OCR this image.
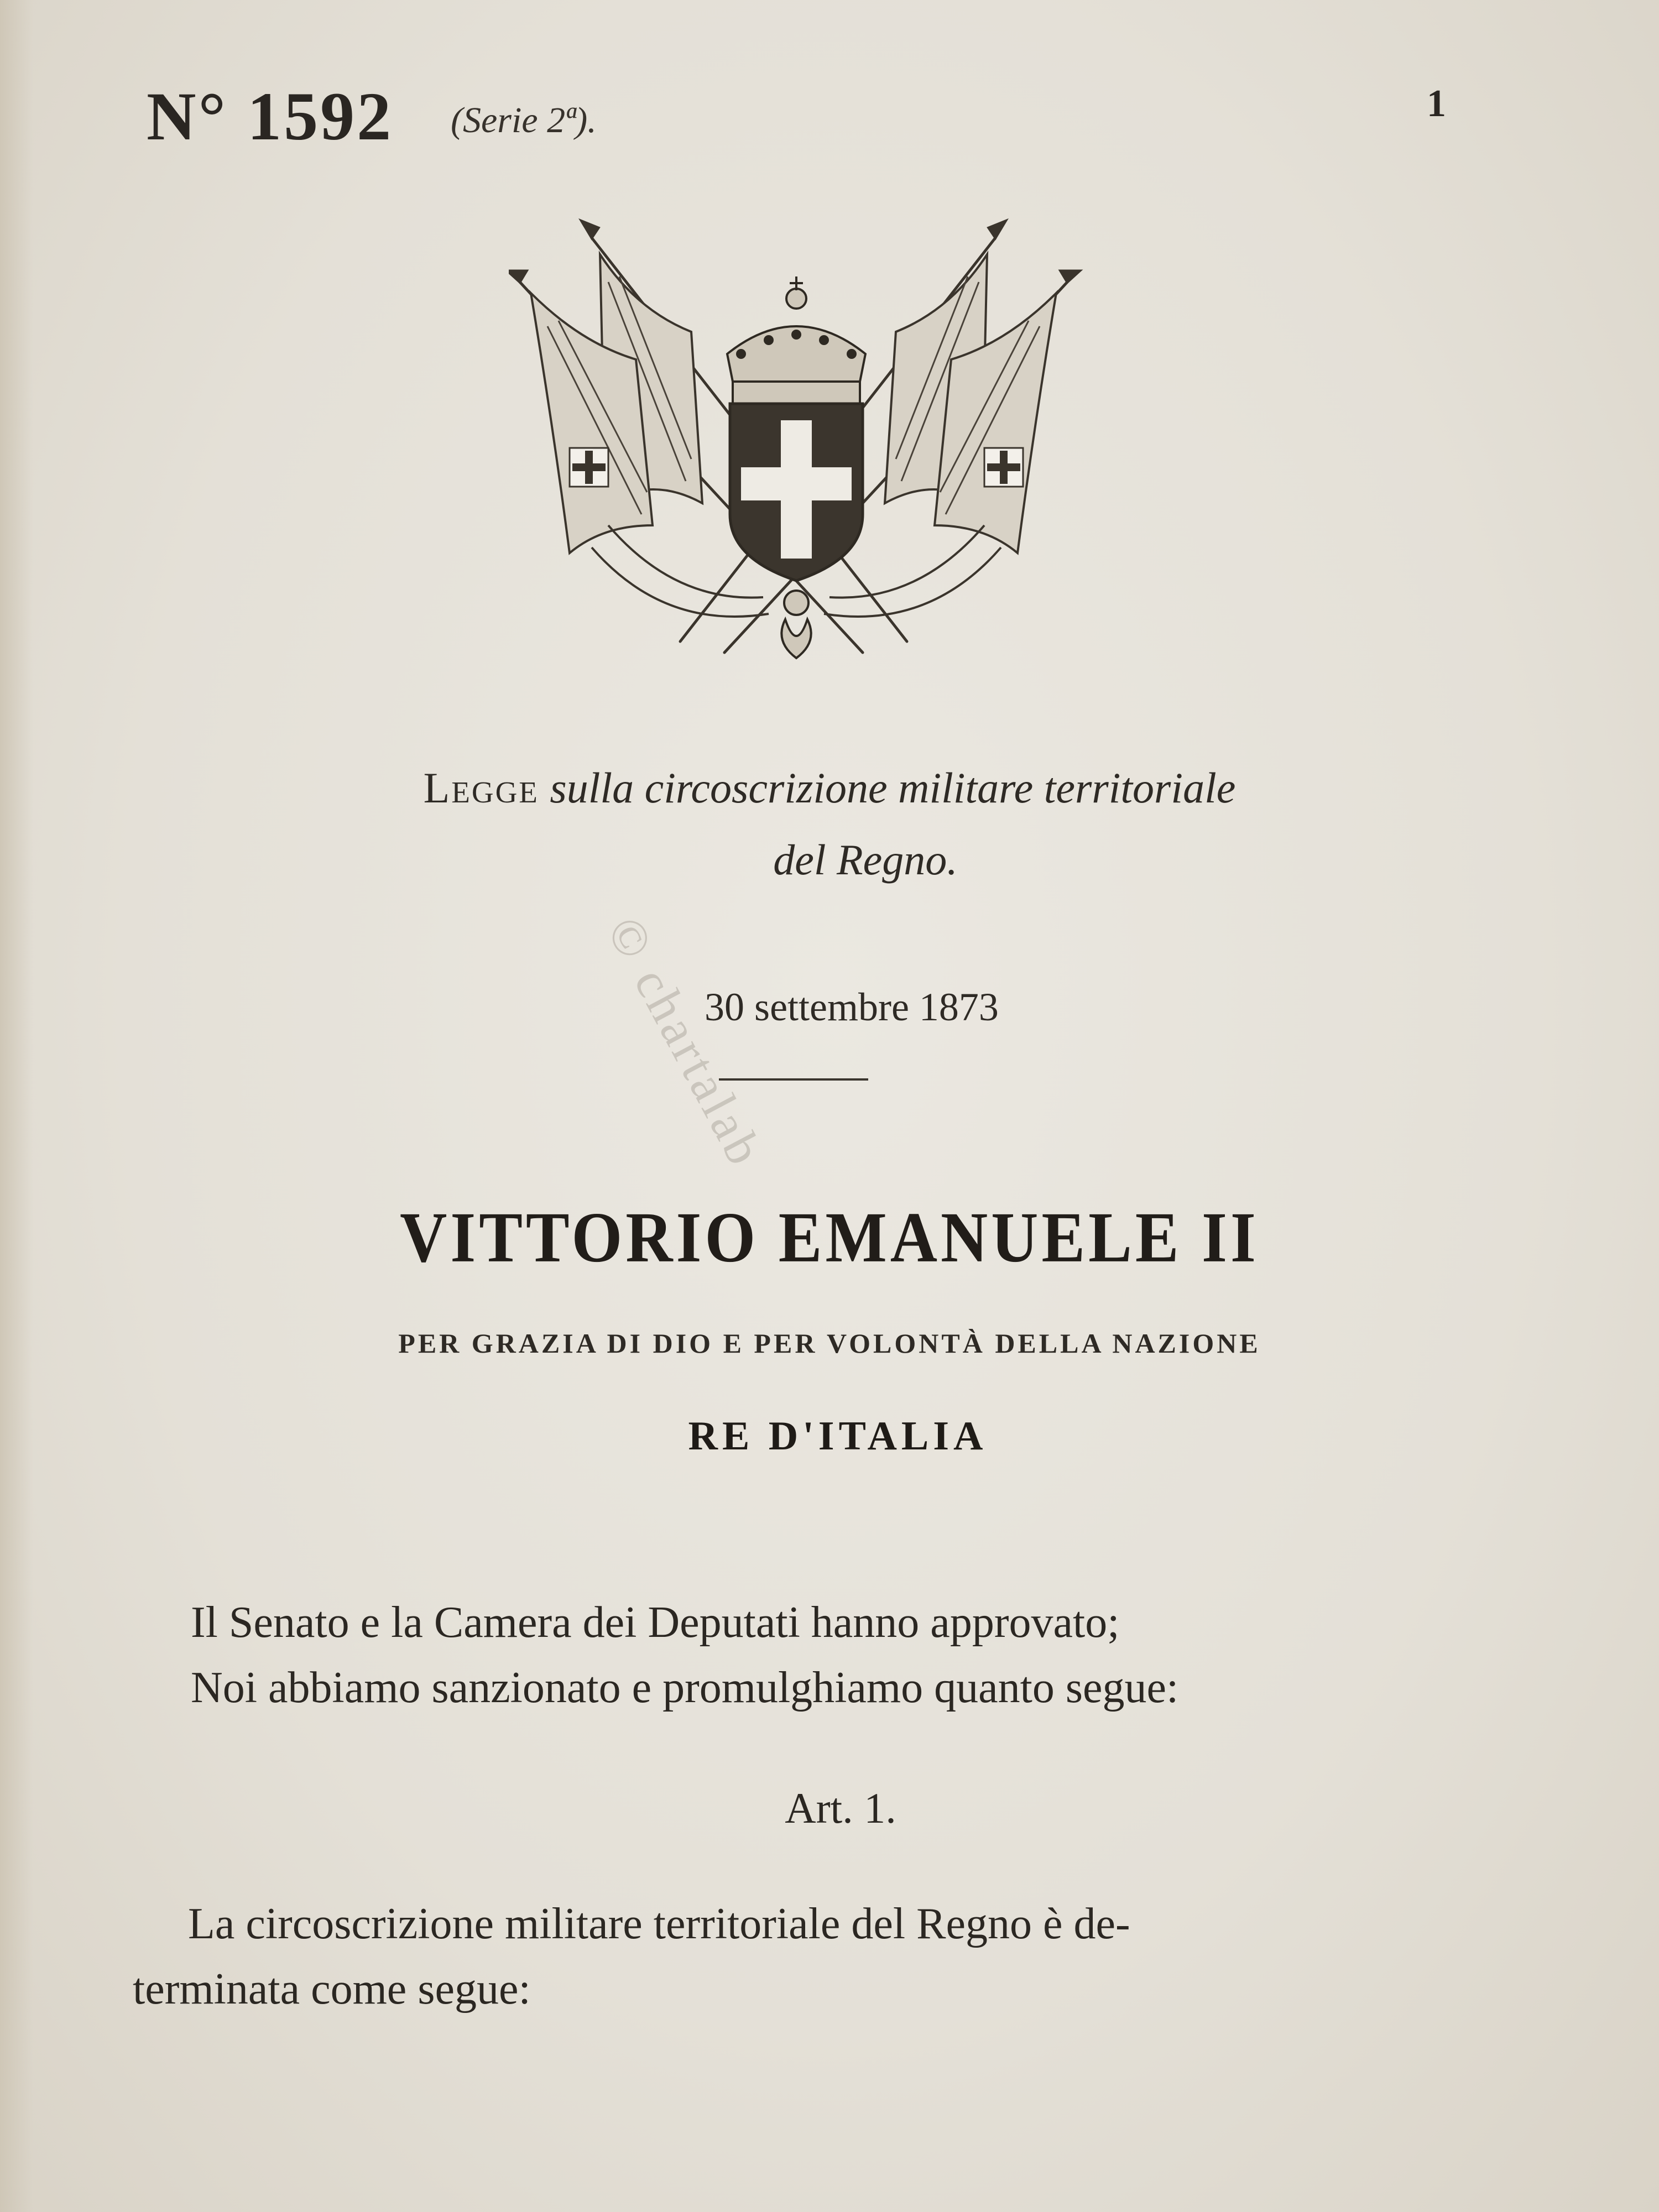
N° 1592 (Serie 2ª).	1
Legge sulla circoscrizione militare territoriale
del Regno.
30 settembre 1873
VITTORIO EMANUELE II
PER GRAZIA DI DIO E PER VOLONTÀ DELLA NAZIONE
RE D'ITALIA
Il Senato e la Camera dei Deputati hanno approvato;
Noi abbiamo sanzionato e promulghiamo quanto segue:
Art. 1.
La circoscrizione militare territoriale del Regno è de-
terminata come segue:
© chartalab
